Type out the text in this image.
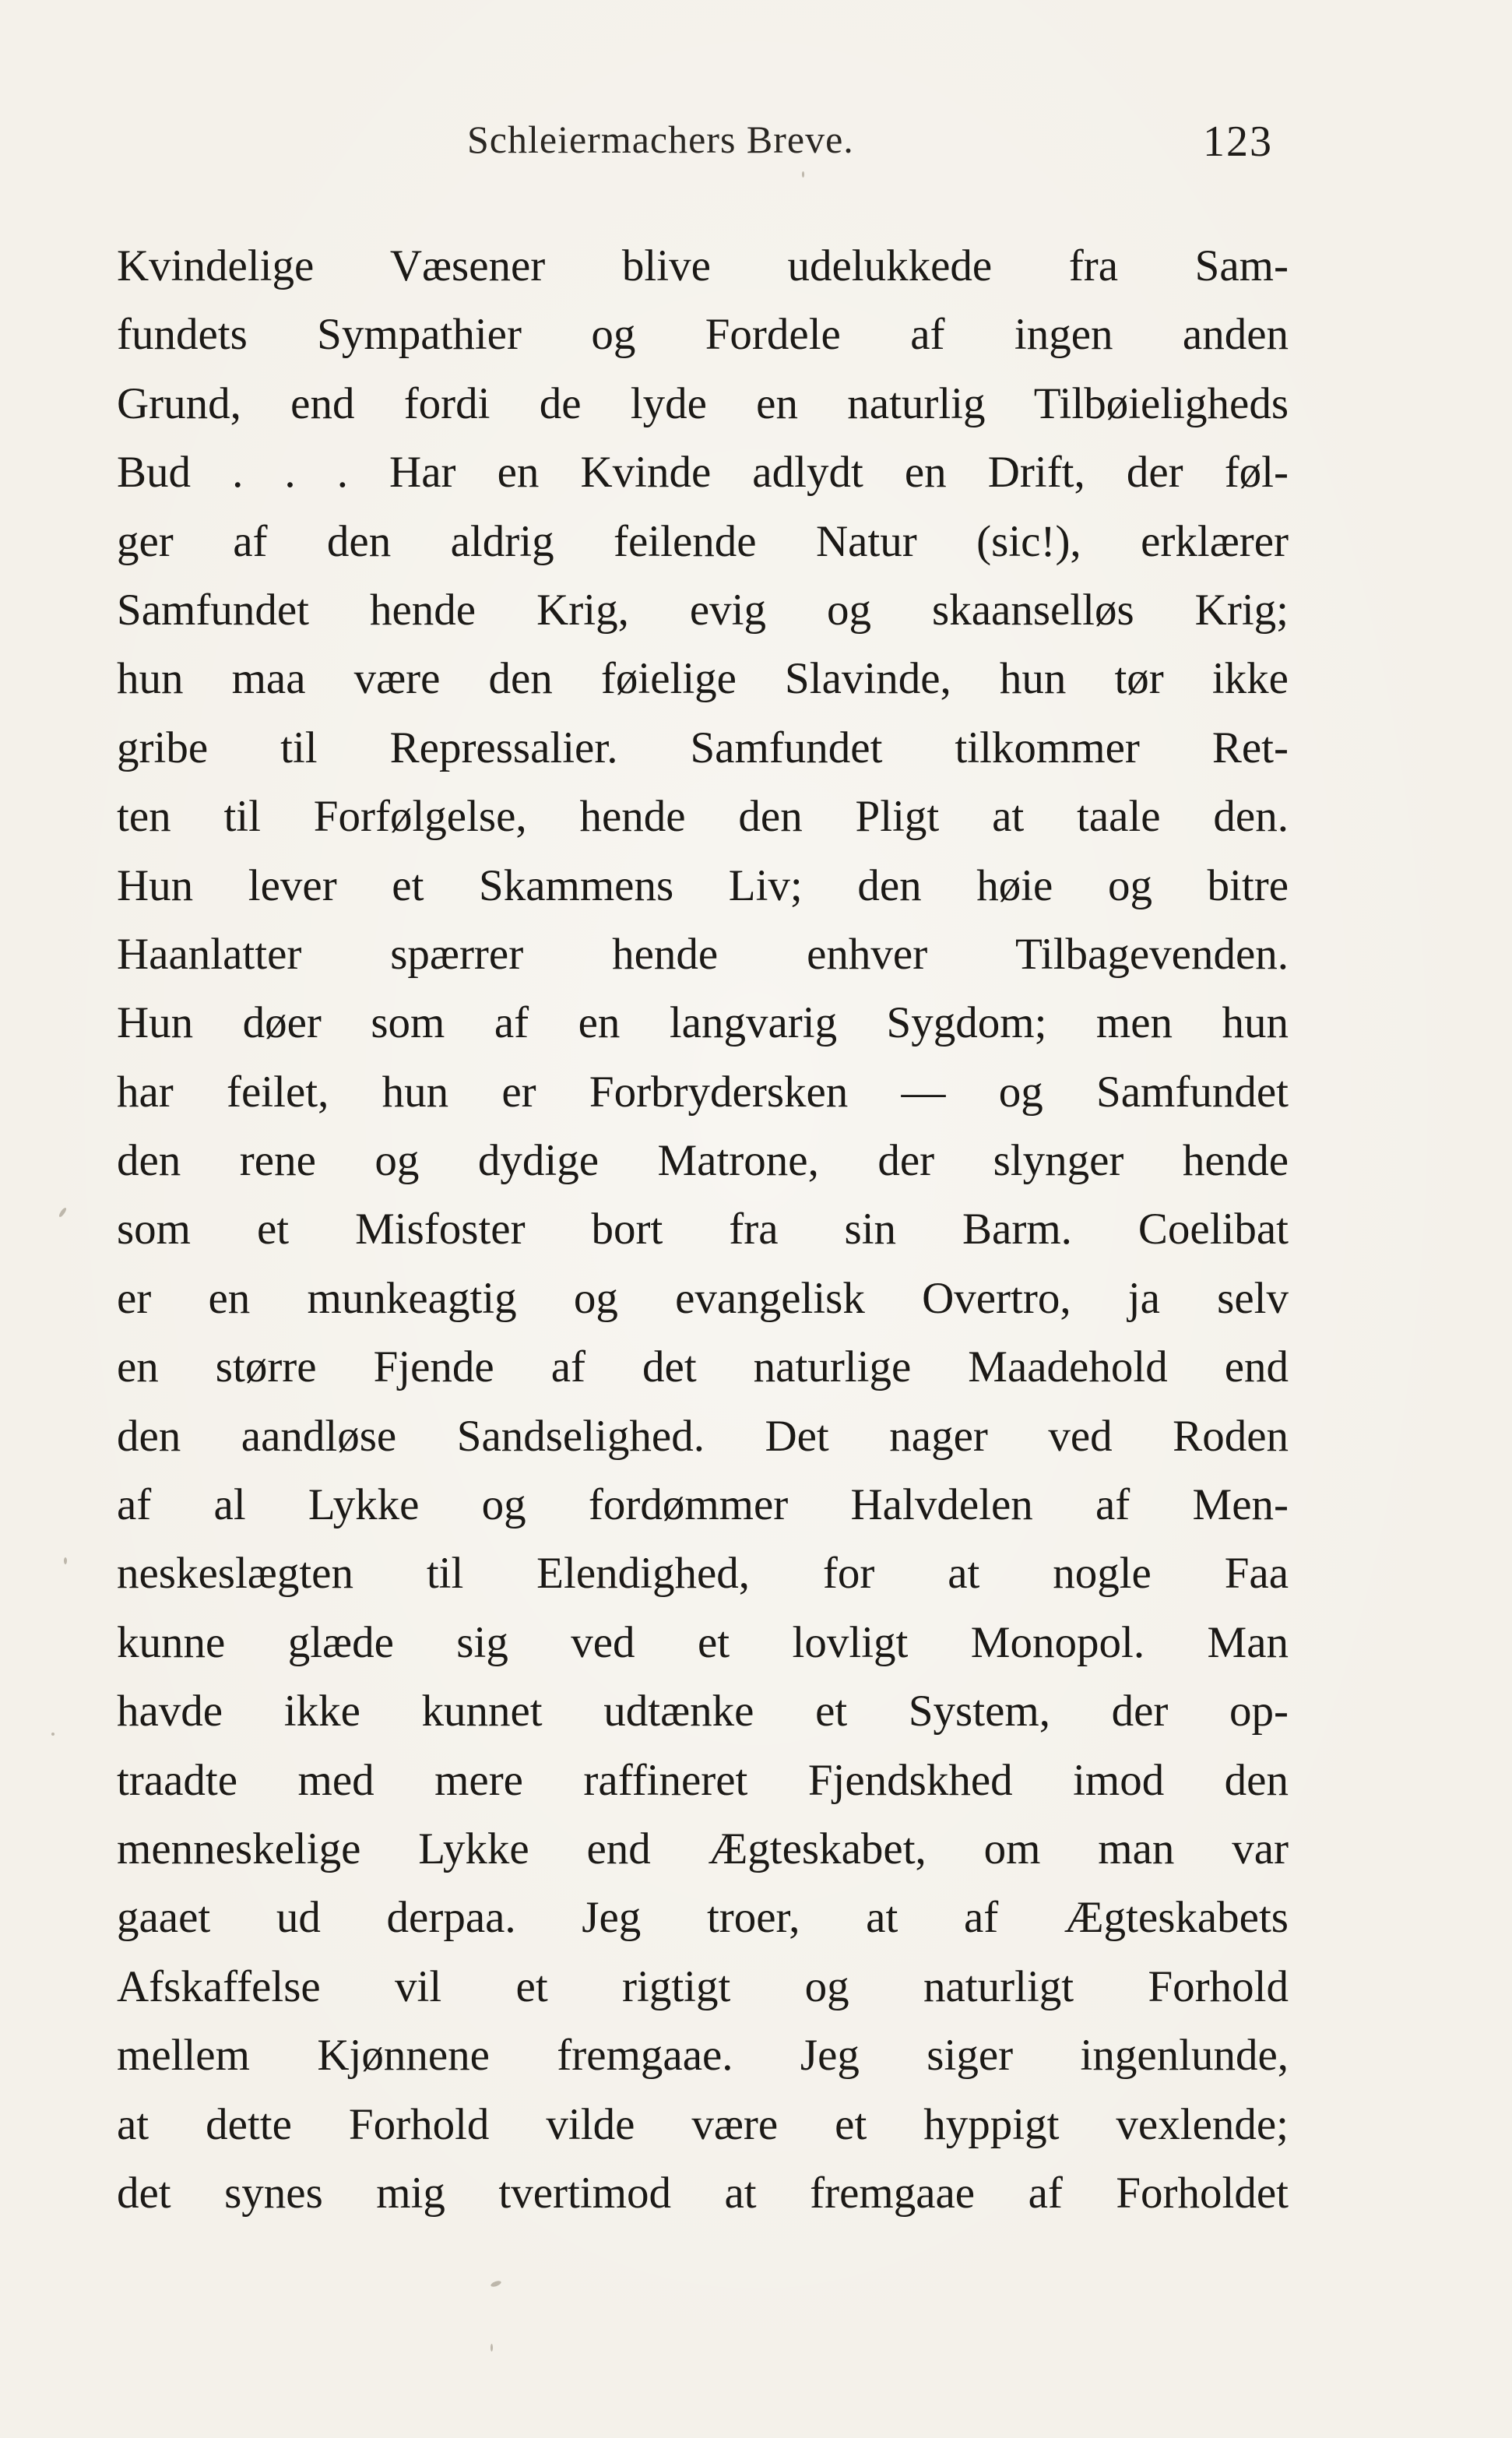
Schleiermachers Breve.	123
Kvindelige Væsener blive udelukkede fra Sam-
fundets Sympathier og Fordele af ingen anden
Grund, end fordi de lyde en naturlig Tilbøieligheds
Bud . . . Har en Kvinde adlydt en Drift, der føl-
ger af den aldrig feilende Natur (sic!), erklærer
Samfundet hende Krig, evig og skaanselløs Krig;
hun maa være den føielige Slavinde, hun tør ikke
gribe til Repressalier. Samfundet tilkommer Ret-
ten til Forfølgelse, hende den Pligt at taale den.
Hun lever et Skammens Liv; den høie og bitre
Haanlatter spærrer hende enhver Tilbagevenden.
Hun døer som af en langvarig Sygdom; men hun
har feilet, hun er Forbrydersken — og Samfundet
den rene og dydige Matrone, der slynger hende
som et Misfoster bort fra sin Barm. Coelibat
er en munkeagtig og evangelisk Overtro, ja selv
en større Fjende af det naturlige Maadehold end
den aandløse Sandselighed. Det nager ved Roden
af al Lykke og fordømmer Halvdelen af Men-
neskeslægten til Elendighed, for at nogle Faa
kunne glæde sig ved et lovligt Monopol. Man
havde ikke kunnet udtænke et System, der op-
traadte med mere raffineret Fjendskhed imod den
menneskelige Lykke end Ægteskabet, om man var
gaaet ud derpaa. Jeg troer, at af Ægteskabets
Afskaffelse vil et rigtigt og naturligt Forhold
mellem Kjønnene fremgaae. Jeg siger ingenlunde,
at dette Forhold vilde være et hyppigt vexlende;
det synes mig tvertimod at fremgaae af Forholdet
